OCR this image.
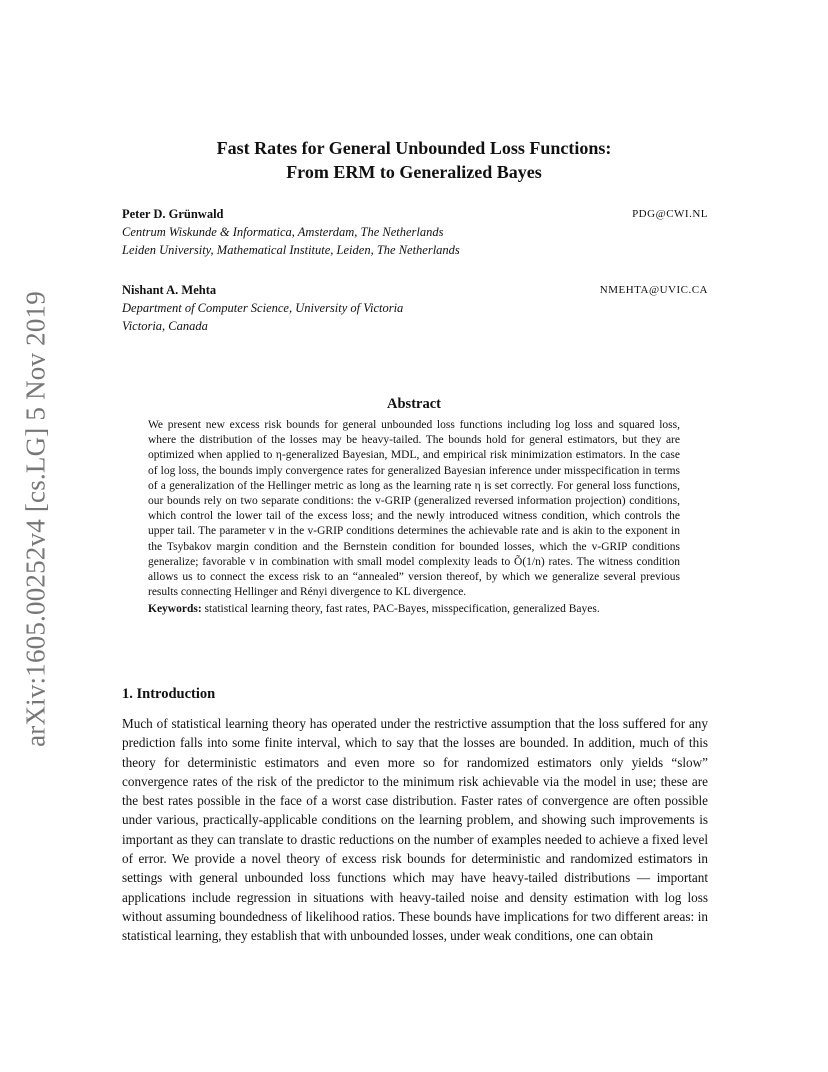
arXiv:1605.00252v4 [cs.LG] 5 Nov 2019
Fast Rates for General Unbounded Loss Functions:
From ERM to Generalized Bayes
Peter D. Grünwald	PDG@CWI.NL
Centrum Wiskunde & Informatica, Amsterdam, The Netherlands
Leiden University, Mathematical Institute, Leiden, The Netherlands
Nishant A. Mehta	NMEHTA@UVIC.CA
Department of Computer Science, University of Victoria
Victoria, Canada
Abstract

We present new excess risk bounds for general unbounded loss functions including log loss and squared loss, where the distribution of the losses may be heavy-tailed. The bounds hold for general estimators, but they are optimized when applied to η-generalized Bayesian, MDL, and empirical risk minimization estimators. In the case of log loss, the bounds imply convergence rates for generalized Bayesian inference under misspecification in terms of a generalization of the Hellinger metric as long as the learning rate η is set correctly. For general loss functions, our bounds rely on two separate conditions: the v-GRIP (generalized reversed information projection) conditions, which control the lower tail of the excess loss; and the newly introduced witness condition, which controls the upper tail. The parameter v in the v-GRIP conditions determines the achievable rate and is akin to the exponent in the Tsybakov margin condition and the Bernstein condition for bounded losses, which the v-GRIP conditions generalize; favorable v in combination with small model complexity leads to Õ(1/n) rates. The witness condition allows us to connect the excess risk to an “annealed” version thereof, by which we generalize several previous results connecting Hellinger and Rényi divergence to KL divergence.

Keywords: statistical learning theory, fast rates, PAC-Bayes, misspecification, generalized Bayes.

1. Introduction

Much of statistical learning theory has operated under the restrictive assumption that the loss suffered for any prediction falls into some finite interval, which to say that the losses are bounded. In addition, much of this theory for deterministic estimators and even more so for randomized estimators only yields “slow” convergence rates of the risk of the predictor to the minimum risk achievable via the model in use; these are the best rates possible in the face of a worst case distribution. Faster rates of convergence are often possible under various, practically-applicable conditions on the learning problem, and showing such improvements is important as they can translate to drastic reductions on the number of examples needed to achieve a fixed level of error. We provide a novel theory of excess risk bounds for deterministic and randomized estimators in settings with general unbounded loss functions which may have heavy-tailed distributions — important applications include regression in situations with heavy-tailed noise and density estimation with log loss without assuming boundedness of likelihood ratios. These bounds have implications for two different areas: in statistical learning, they establish that with unbounded losses, under weak conditions, one can obtain
